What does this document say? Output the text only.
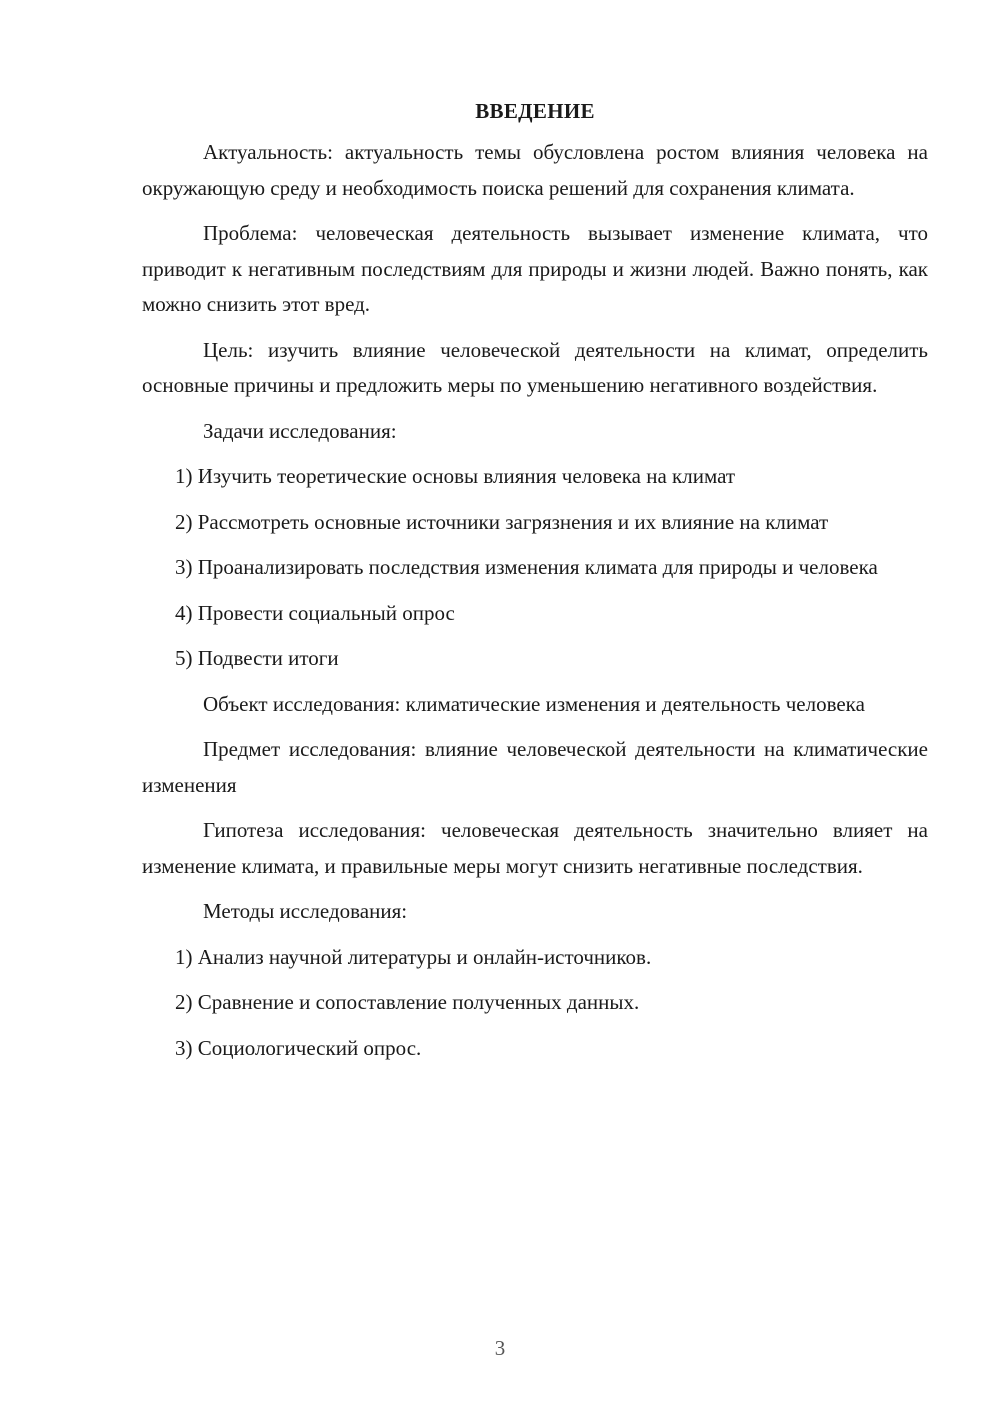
ВВЕДЕНИЕ

Актуальность: актуальность темы обусловлена ростом влияния человека на окружающую среду и необходимость поиска решений для сохранения климата.

Проблема: человеческая деятельность вызывает изменение климата, что приводит к негативным последствиям для природы и жизни людей. Важно понять, как можно снизить этот вред.

Цель: изучить влияние человеческой деятельности на климат, определить основные причины и предложить меры по уменьшению негативного воздействия.

Задачи исследования:

1) Изучить теоретические основы влияния человека на климат

2) Рассмотреть основные источники загрязнения и их влияние на климат

3) Проанализировать последствия изменения климата для природы и человека

4) Провести социальный опрос

5) Подвести итоги

Объект исследования: климатические изменения и деятельность человека

Предмет исследования: влияние человеческой деятельности на климатические изменения

Гипотеза исследования: человеческая деятельность значительно влияет на изменение климата, и правильные меры могут снизить негативные последствия.

Методы исследования:

1) Анализ научной литературы и онлайн-источников.

2) Сравнение и сопоставление полученных данных.

3) Социологический опрос.

3
